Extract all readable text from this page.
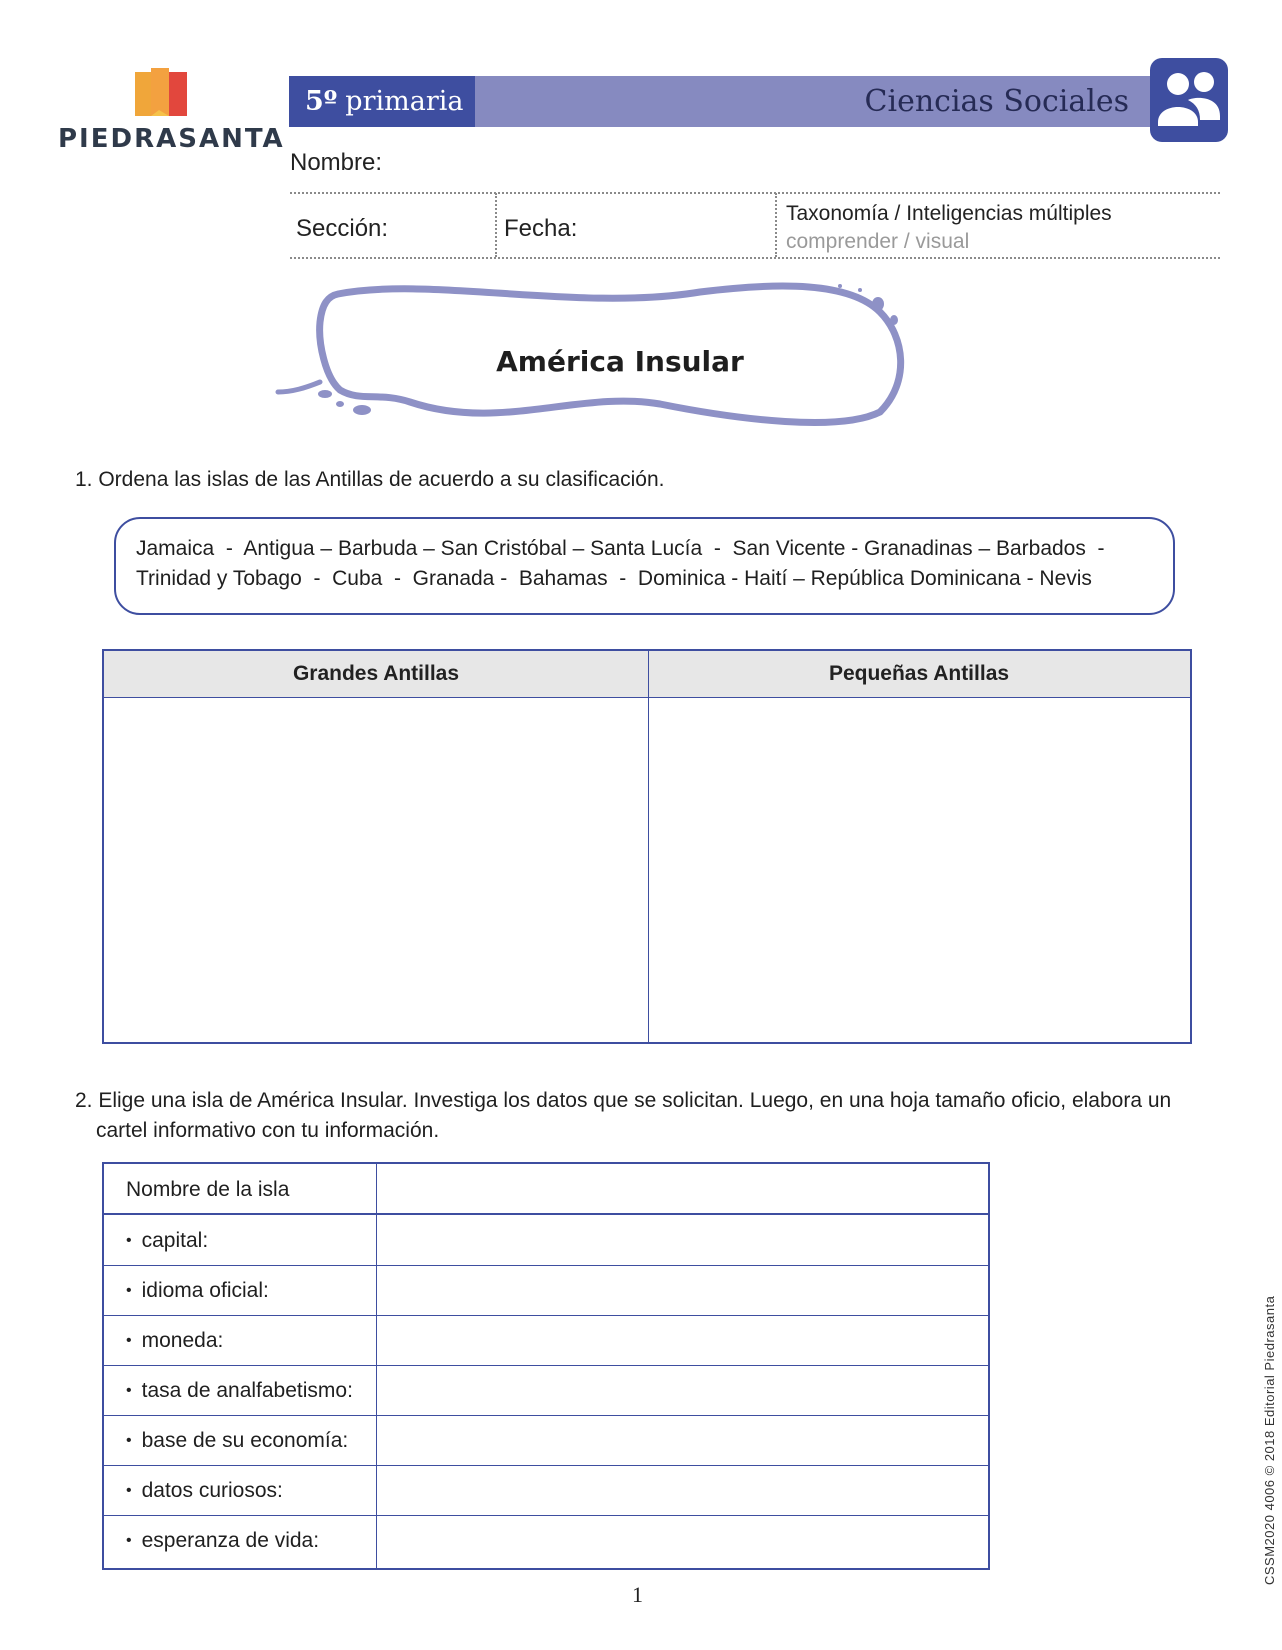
PIEDRASANTA
5º primaria	Ciencias Sociales
Nombre:
Sección:	Fecha:
Taxonomía / Inteligencias múltiples
comprender / visual
América Insular
1. Ordena las islas de las Antillas de acuerdo a su clasificación.
Jamaica  -  Antigua – Barbuda – San Cristóbal – Santa Lucía  -  San Vicente - Granadinas – Barbados  -
Trinidad y Tobago  -  Cuba  -  Granada -  Bahamas  -  Dominica - Haití – República Dominicana - Nevis
Grandes Antillas	Pequeñas Antillas
2. Elige una isla de América Insular. Investiga los datos que se solicitan. Luego, en una hoja tamaño oficio, elabora un
cartel informativo con tu información.
Nombre de la isla
• capital:
• idioma oficial:
• moneda:
• tasa de analfabetismo:
• base de su economía:
• datos curiosos:
• esperanza de vida:
1
CSSM2020 4006 © 2018 Editorial Piedrasanta
